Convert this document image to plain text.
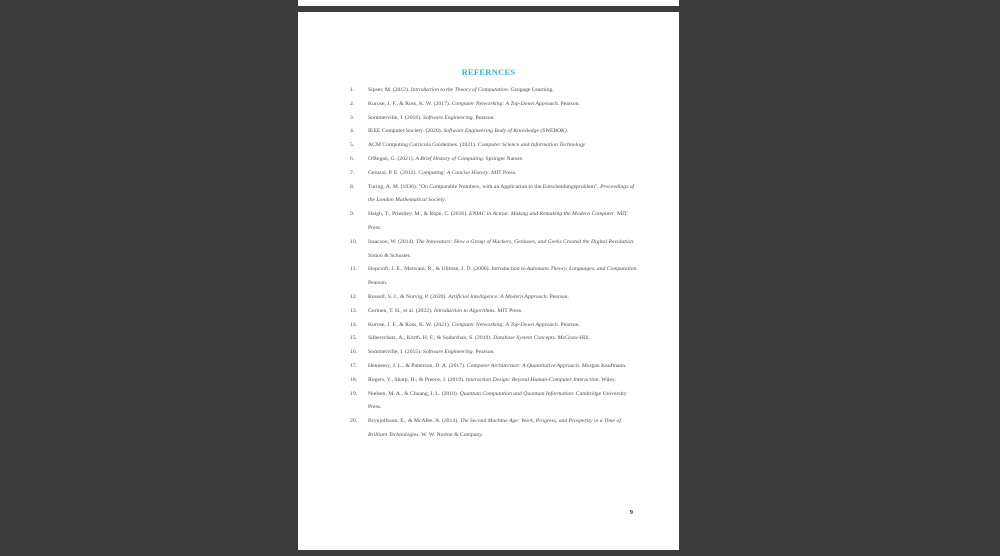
REFERNCES
1. Sipser, M. (2012). Introduction to the Theory of Computation. Cengage Learning.
2. Kurose, J. F., & Ross, K. W. (2017). Computer Networking: A Top-Down Approach. Pearson.
3. Sommerville, I. (2016). Software Engineering. Pearson.
4. IEEE Computer Society. (2020). Software Engineering Body of Knowledge (SWEBOK).
5. ACM Computing Curricula Guidelines. (2021). Computer Science and Information Technology
6. O'Regan, G. (2021). A Brief History of Computing. Springer Nature.
7. Ceruzzi, P. E. (2012). Computing: A Concise History. MIT Press.
8. Turing, A. M. (1936). "On Computable Numbers, with an Application to the Entscheidungsproblem". Proceedings of the London Mathematical Society.
9. Haigh, T., Priestley, M., & Rope, C. (2016). ENIAC in Action: Making and Remaking the Modern Computer. MIT Press.
10. Isaacson, W. (2014). The Innovators: How a Group of Hackers, Geniuses, and Geeks Created the Digital Revolution. Simon & Schuster.
11. Hopcroft, J. E., Motwani, R., & Ullman, J. D. (2006). Introduction to Automata Theory, Languages, and Computation. Pearson.
12. Russell, S. J., & Norvig, P. (2020). Artificial Intelligence: A Modern Approach. Pearson.
13. Cormen, T. H., et al. (2022). Introduction to Algorithms. MIT Press.
14. Kurose, J. F., & Ross, K. W. (2021). Computer Networking: A Top-Down Approach. Pearson.
15. Silberschatz, A., Korth, H. F., & Sudarshan, S. (2019). Database System Concepts. McGraw-Hill.
16. Sommerville, I. (2015). Software Engineering. Pearson.
17. Hennessy, J. L., & Patterson, D. A. (2017). Computer Architecture: A Quantitative Approach. Morgan Kaufmann.
18. Rogers, Y., Sharp, H., & Preece, J. (2019). Interaction Design: Beyond Human-Computer Interaction. Wiley.
19. Nielsen, M. A., & Chuang, I. L. (2010). Quantum Computation and Quantum Information. Cambridge University Press.
20. Brynjolfsson, E., & McAfee, A. (2014). The Second Machine Age: Work, Progress, and Prosperity in a Time of Brilliant Technologies. W. W. Norton & Company.
9
